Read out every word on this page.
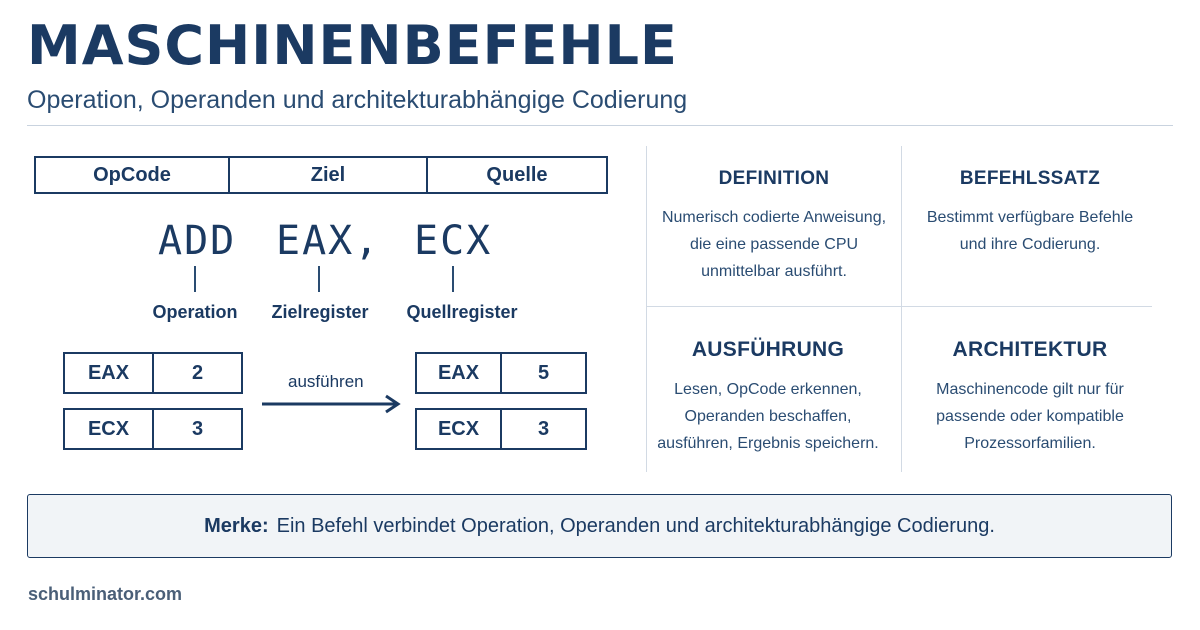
MASCHINENBEFEHLE

Operation, Operanden und architekturabhängige Codierung

OpCode	Ziel	Quelle
ADD EAX, ECX
Operation Zielregister Quellregister
EAX	2
ECX	3
ausführen	EAX	5
ECX	3

DEFINITION

Numerisch codierte Anweisung,
die eine passende CPU
unmittelbar ausführt.

BEFEHLSSATZ

Bestimmt verfügbare Befehle
und ihre Codierung.

AUSFÜHRUNG

Lesen, OpCode erkennen,
Operanden beschaffen,
ausführen, Ergebnis speichern.

ARCHITEKTUR

Maschinencode gilt nur für
passende oder kompatible
Prozessorfamilien.

Merke: Ein Befehl verbindet Operation, Operanden und architekturabhängige Codierung.
schulminator.com
